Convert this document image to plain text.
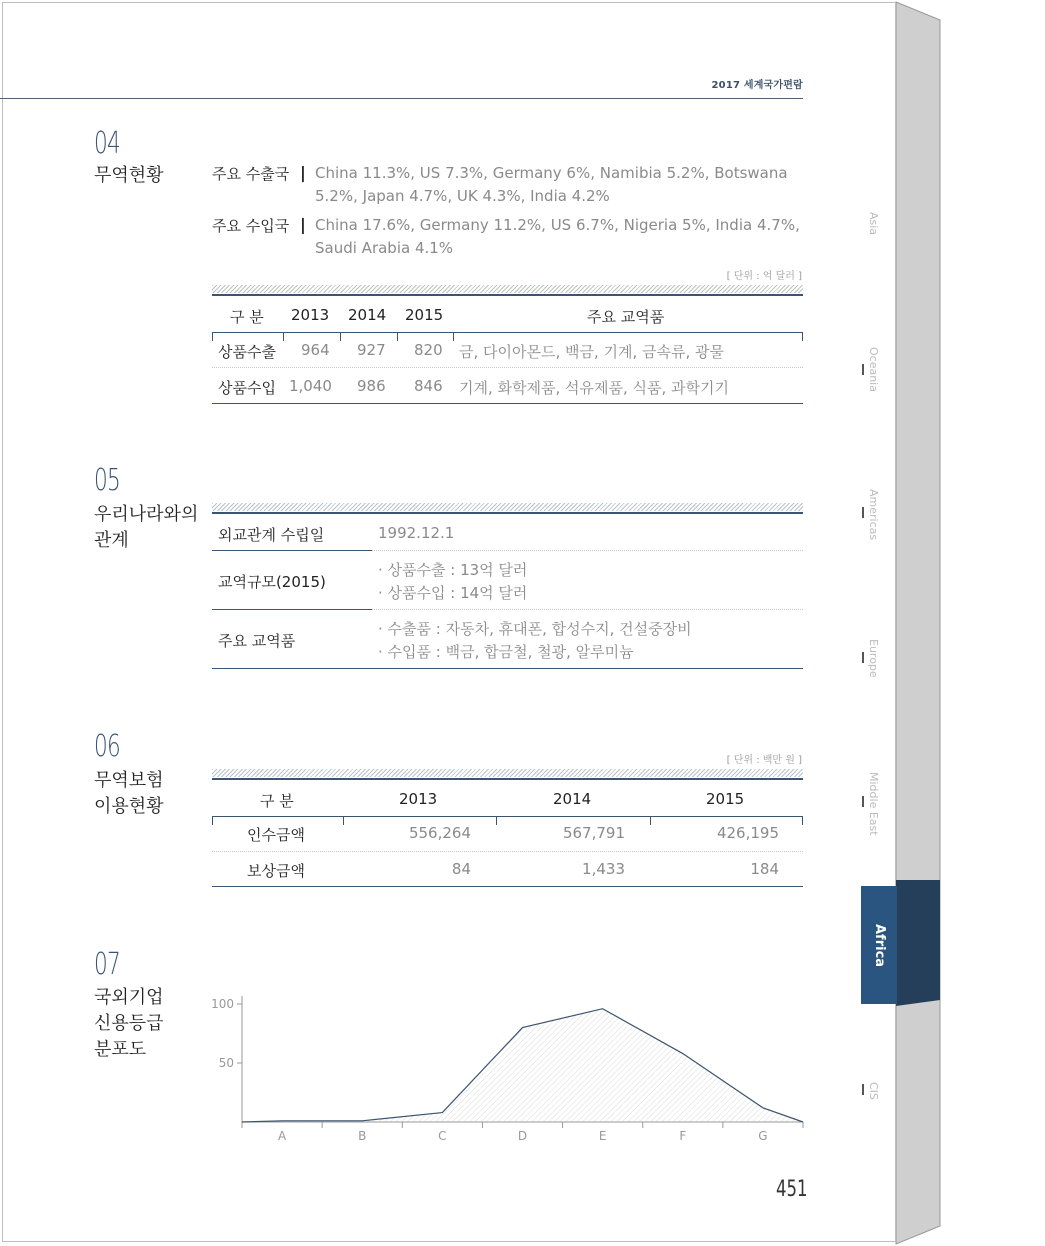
2017 세계국가편람
04
무역현황	주요 수출국 | China 11.3%, US 7.3%, Germany 6%, Namibia 5.2%, Botswana
5.2%, Japan 4.7%, UK 4.3%, India 4.2%
주요 수입국 | China 17.6%, Germany 11.2%, US 6.7%, Nigeria 5%, India 4.7%,
Saudi Arabia 4.1%
[ 단위 : 억 달러 ]
구 분 2013 2014 2015	주요 교역품
상품수출 964 927 820 금, 다이아몬드, 백금, 기계, 금속류, 광물
상품수입 1,040 986 846 기계, 화학제품, 석유제품, 식품, 과학기기
05
우리나라와의
관계	외교관계 수립일	1992.12.1
교역규모(2015)
· 상품수출 : 13억 달러
· 상품수입 : 14억 달러
주요 교역품
· 수출품 : 자동차, 휴대폰, 합성수지, 건설중장비
· 수입품 : 백금, 합금철, 철광, 알루미늄
06
무역보험
이용현황
[ 단위 : 백만 원 ]
구 분	2013	2014	2015
인수금액	556,264	567,791	426,195
보상금액	84	1,433	184
07
국외기업
신용등급
분포도
50
100
A	B	C	D	E	F	G
Asia
Oceania
Americas
Europe
Middle East
Africa
CIS
451
